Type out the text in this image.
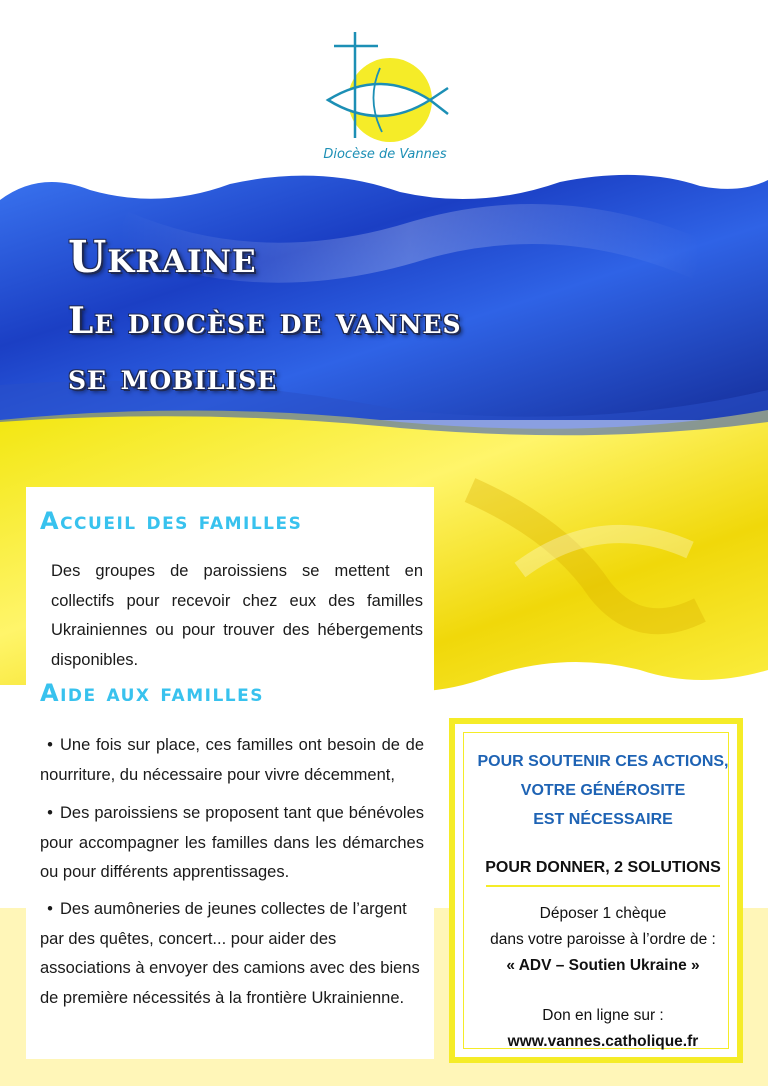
Diocèse de Vannes
Ukraine
Le diocèse de vannes
se mobilise
Accueil des familles
Des groupes de paroissiens se mettent en collectifs pour recevoir chez eux des familles Ukrainiennes ou pour trouver des hébergements disponibles.
Aide aux familles
• Une fois sur place, ces familles ont besoin de de nourriture, du nécessaire pour vivre décemment,
• Des paroissiens se proposent tant que bénévoles pour accompagner les familles dans les démarches ou pour différents apprentissages.
• Des aumôneries de jeunes collectes de l’argent par des quêtes, concert... pour aider des associations à envoyer des camions avec des biens de première nécessités à la frontière Ukrainienne.
POUR SOUTENIR CES ACTIONS,
VOTRE GÉNÉROSITE
EST NÉCESSAIRE
POUR DONNER, 2 SOLUTIONS
Déposer 1 chèque
dans votre paroisse à l’ordre de :
« ADV – Soutien Ukraine »
Don en ligne sur :
www.vannes.catholique.fr
